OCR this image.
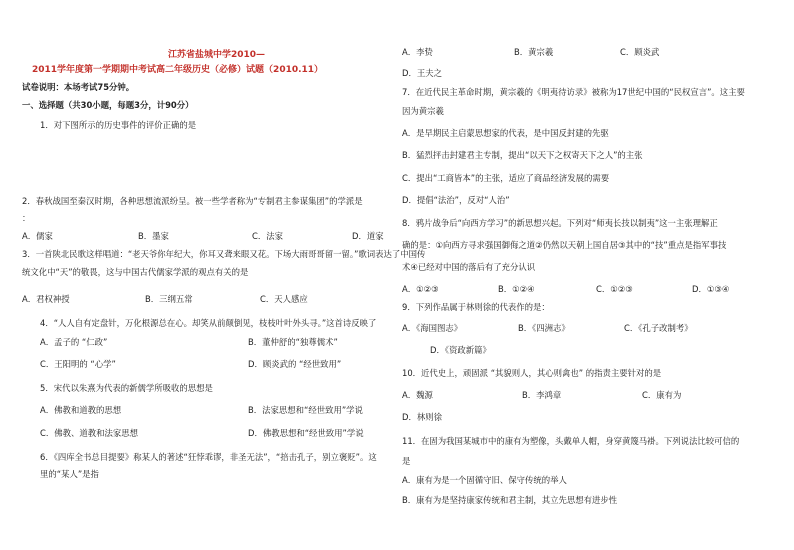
江苏省盐城中学2010—
2011学年度第一学期期中考试高二年级历史（必修）试题（2010.11）
试卷说明：本场考试75分钟。
一、选择题（共30小题，每题3分，计90分）
1．对下图所示的历史事件的评价正确的是
2．春秋战国至秦汉时期，各种思想流派纷呈。被一些学者称为“专制君主参谋集团”的学派是
：
A．儒家	B．墨家	C．法家	D．道家
3．一首陕北民歌这样唱道：“老天爷你年纪大，你耳又聋来眼又花。下场大雨哥哥留一留。”歌词表达了中国传
统文化中“天”的敬畏，这与中国古代儒家学派的观点有关的是
A．君权神授	B．三纲五常	C．天人感应
4．“人人自有定盘针，万化根源总在心。却笑从前颠倒见，枝枝叶叶外头寻。”这首诗反映了
A．孟子的 “仁政”	B．董仲舒的“独尊儒术”
C．王阳明的 “心学”	D．顾炎武的 “经世致用”
5．宋代以朱熹为代表的新儒学所吸收的思想是
A．佛教和道教的思想	B．法家思想和“经世致用”学说
C．佛教、道教和法家思想	D．佛教思想和“经世致用”学说
6．《四库全书总目提要》称某人的著述“狂悖乖谬，非圣无法”，“掊击孔子，别立褒贬”。这
里的“某人”是指
A．李贽	B．黄宗羲	C．顾炎武
D．王夫之
7．在近代民主革命时期，黄宗羲的《明夷待访录》被称为17世纪中国的“民权宣言”。这主要
因为黄宗羲
A．是早期民主启蒙思想家的代表，是中国反封建的先驱
B．猛烈抨击封建君主专制，提出“以天下之权寄天下之人”的主张
C．提出“工商皆本”的主张，适应了商品经济发展的需要
D．提倡“法治”，反对“人治”
8．鸦片战争后“向西方学习”的新思想兴起。下列对“师夷长技以制夷”这一主张理解正
确的是：①向西方寻求强国御侮之道②仍然以天朝上国自居③其中的“技”重点是指军事技
术④已经对中国的落后有了充分认识
A．①②③	B．①②④	C．①②③	D．①③④
9．下列作品属于林则徐的代表作的是：
A．《海国图志》	B．《四洲志》	C．《孔子改制考》
D．《资政新篇》
10．近代史上，顽固派 “其貌则人，其心则禽也” 的指责主要针对的是
A．魏源	B．李鸿章	C．康有为
D．林则徐
11．在固为我国某城市中的康有为塑像，头戴单人帽，身穿黄篾马褂。下列说法比较可信的
是
A．康有为是一个固循守旧、保守传统的举人
B．康有为是坚持康家传统和君主制，其立先思想有进步性
